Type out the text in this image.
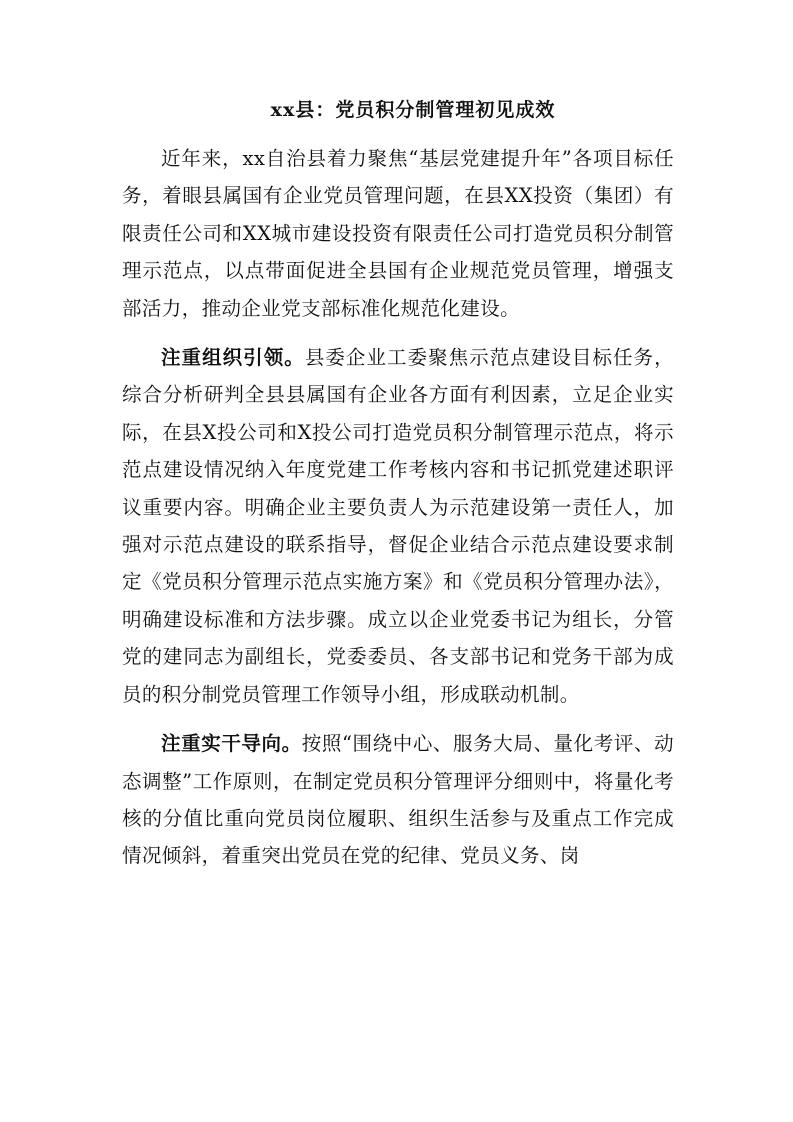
xx县：党员积分制管理初见成效

近年来，xx自治县着力聚焦“基层党建提升年”各项目标任务，着眼县属国有企业党员管理问题，在县XX投资（集团）有限责任公司和XX城市建设投资有限责任公司打造党员积分制管理示范点，以点带面促进全县国有企业规范党员管理，增强支部活力，推动企业党支部标准化规范化建设。

注重组织引领。县委企业工委聚焦示范点建设目标任务，综合分析研判全县县属国有企业各方面有利因素，立足企业实际，在县X投公司和X投公司打造党员积分制管理示范点，将示范点建设情况纳入年度党建工作考核内容和书记抓党建述职评议重要内容。明确企业主要负责人为示范建设第一责任人，加强对示范点建设的联系指导，督促企业结合示范点建设要求制定《党员积分管理示范点实施方案》和《党员积分管理办法》，明确建设标准和方法步骤。成立以企业党委书记为组长，分管党的建同志为副组长，党委委员、各支部书记和党务干部为成员的积分制党员管理工作领导小组，形成联动机制。

注重实干导向。按照“围绕中心、服务大局、量化考评、动态调整”工作原则，在制定党员积分管理评分细则中，将量化考核的分值比重向党员岗位履职、组织生活参与及重点工作完成情况倾斜，着重突出党员在党的纪律、党员义务、岗
